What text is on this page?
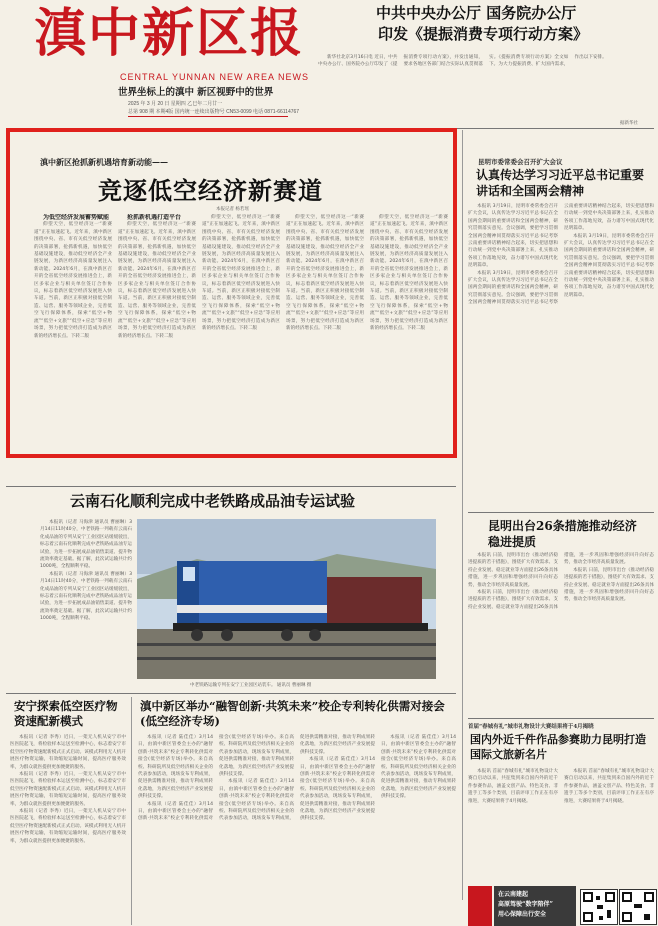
滇中新区报
CENTRAL YUNNAN NEW AREA NEWS
世界坐标上的滇中 新区视野中的世界
2025 年 3 月 20 日 星期四 乙巳年二月廿一
总第 908 期 本期4版 国内统一连续出版物号 CN53-0099 电话 0871-66114767
中共中央办公厅 国务院办公厅
印发《提振消费专项行动方案》

新华社北京3月16日电 近日，中共中央办公厅、国务院办公厅印发了《提振消费专项行动方案》，并发出通知，要求各地区各部门结合实际认真贯彻落实。《提振消费专项行动方案》全文如下。为大力提振消费、扩大国内需求，作出以下安排。

据新华社
滇中新区抢抓新机遇培育新动能——
竞逐低空经济新赛道
本报记者 杨若瑶

为低空经济发展蓄势赋能

仰望天空，低空经济这一“新赛道”正在加速起飞。近年来，滇中新区围绕中央、省、市有关低空经济发展的决策部署，抢抓新机遇，加快低空基础设施建设，推动低空经济全产业链发展，为新区经济高质量发展注入新动能。2024年6月，在滇中新区召开的全省低空经济发展推进会上，新区多家企业与相关单位签订合作协议，标志着新区低空经济发展进入快车道。当前，新区正积极对接低空制造、运营、服务等领域企业，完善低空飞行保障体系，探索“低空+物流”“低空+文旅”“低空+应急”等应用场景，努力把低空经济打造成为新区新的经济增长点。下转二版

抢抓新机遇打造平台

仰望天空，低空经济这一“新赛道”正在加速起飞。近年来，滇中新区围绕中央、省、市有关低空经济发展的决策部署，抢抓新机遇，加快低空基础设施建设，推动低空经济全产业链发展，为新区经济高质量发展注入新动能。2024年6月，在滇中新区召开的全省低空经济发展推进会上，新区多家企业与相关单位签订合作协议，标志着新区低空经济发展进入快车道。当前，新区正积极对接低空制造、运营、服务等领域企业，完善低空飞行保障体系，探索“低空+物流”“低空+文旅”“低空+应急”等应用场景，努力把低空经济打造成为新区新的经济增长点。下转二版

仰望天空，低空经济这一“新赛道”正在加速起飞。近年来，滇中新区围绕中央、省、市有关低空经济发展的决策部署，抢抓新机遇，加快低空基础设施建设，推动低空经济全产业链发展，为新区经济高质量发展注入新动能。2024年6月，在滇中新区召开的全省低空经济发展推进会上，新区多家企业与相关单位签订合作协议，标志着新区低空经济发展进入快车道。当前，新区正积极对接低空制造、运营、服务等领域企业，完善低空飞行保障体系，探索“低空+物流”“低空+文旅”“低空+应急”等应用场景，努力把低空经济打造成为新区新的经济增长点。下转二版

仰望天空，低空经济这一“新赛道”正在加速起飞。近年来，滇中新区围绕中央、省、市有关低空经济发展的决策部署，抢抓新机遇，加快低空基础设施建设，推动低空经济全产业链发展，为新区经济高质量发展注入新动能。2024年6月，在滇中新区召开的全省低空经济发展推进会上，新区多家企业与相关单位签订合作协议，标志着新区低空经济发展进入快车道。当前，新区正积极对接低空制造、运营、服务等领域企业，完善低空飞行保障体系，探索“低空+物流”“低空+文旅”“低空+应急”等应用场景，努力把低空经济打造成为新区新的经济增长点。下转二版

仰望天空，低空经济这一“新赛道”正在加速起飞。近年来，滇中新区围绕中央、省、市有关低空经济发展的决策部署，抢抓新机遇，加快低空基础设施建设，推动低空经济全产业链发展，为新区经济高质量发展注入新动能。2024年6月，在滇中新区召开的全省低空经济发展推进会上，新区多家企业与相关单位签订合作协议，标志着新区低空经济发展进入快车道。当前，新区正积极对接低空制造、运营、服务等领域企业，完善低空飞行保障体系，探索“低空+物流”“低空+文旅”“低空+应急”等应用场景，努力把低空经济打造成为新区新的经济增长点。下转二版

昆明市委常委会召开扩大会议
认真传达学习习近平总书记重要讲话和全国两会精神

本报讯 3月19日，昆明市委常委会召开扩大会议，认真传达学习习近平总书记在全国两会期间的重要讲话和全国两会精神，研究贯彻落实意见。会议强调，要把学习贯彻全国两会精神同贯彻落实习近平总书记考察云南重要讲话精神结合起来，切实把思想和行动统一到党中央决策部署上来，扎实推动各项工作落地见效，奋力谱写中国式现代化昆明篇章。

本报讯 3月19日，昆明市委常委会召开扩大会议，认真传达学习习近平总书记在全国两会期间的重要讲话和全国两会精神，研究贯彻落实意见。会议强调，要把学习贯彻全国两会精神同贯彻落实习近平总书记考察云南重要讲话精神结合起来，切实把思想和行动统一到党中央决策部署上来，扎实推动各项工作落地见效，奋力谱写中国式现代化昆明篇章。

本报讯 3月19日，昆明市委常委会召开扩大会议，认真传达学习习近平总书记在全国两会期间的重要讲话和全国两会精神，研究贯彻落实意见。会议强调，要把学习贯彻全国两会精神同贯彻落实习近平总书记考察云南重要讲话精神结合起来，切实把思想和行动统一到党中央决策部署上来，扎实推动各项工作落地见效，奋力谱写中国式现代化昆明篇章。

云南石化顺利完成中老铁路成品油专运试验

本报讯（记者 马海津 通讯员 曹丽琳）3月14日11时40分，中老铁路一列载有云南石化成品油的专列从安宁工业园区站缓缓驶出，标志着云南石化顺利完成中老铁路成品油专运试验，为进一步拓展成品油销售渠道、提升物流效率奠定基础。据了解，此次试运输共计约1000吨，全程顺利平稳。

本报讯（记者 马海津 通讯员 曹丽琳）3月14日11时40分，中老铁路一列载有云南石化成品油的专列从安宁工业园区站缓缓驶出，标志着云南石化顺利完成中老铁路成品油专运试验，为进一步拓展成品油销售渠道、提升物流效率奠定基础。据了解，此次试运输共计约1000吨，全程顺利平稳。

中老铁路运输专列在安宁工业园区站装车。 通讯员 曹丽琳 摄
昆明出台26条措施推动经济稳进提质

本报讯 日前，昆明市出台《推动经济稳进提质的若干措施》，围绕扩大有效需求、支持企业发展、稳定就业等方面提出26条具体措施，进一步巩固和增强经济回升向好态势，推动全市经济高质量发展。

本报讯 日前，昆明市出台《推动经济稳进提质的若干措施》，围绕扩大有效需求、支持企业发展、稳定就业等方面提出26条具体措施，进一步巩固和增强经济回升向好态势，推动全市经济高质量发展。

本报讯 日前，昆明市出台《推动经济稳进提质的若干措施》，围绕扩大有效需求、支持企业发展、稳定就业等方面提出26条具体措施，进一步巩固和增强经济回升向好态势，推动全市经济高质量发展。

首届“春城有礼”城市礼物设计大赛结果将于4月揭晓
国内外近千件作品参赛助力昆明打造国际文旅新名片

本报讯 首届“春城有礼”城市礼物设计大赛自启动以来，共征集到来自国内外的近千件参赛作品，涵盖文创产品、特色美食、非遗手工等多个类别，目前评审工作正在有序推进，大赛结果将于4月揭晓。

本报讯 首届“春城有礼”城市礼物设计大赛自启动以来，共征集到来自国内外的近千件参赛作品，涵盖文创产品、特色美食、非遗手工等多个类别，目前评审工作正在有序推进，大赛结果将于4月揭晓。

在云南建起
高原驾驶“数字陪伴”
用心保障出行安全
安宁探索低空医疗物资速配新模式

本报讯（记者 李秀）近日，一架无人机从安宁市中医医院起飞，将检验样本运送至检测中心，标志着安宁市低空医疗物资速配新模式正式启动。该模式利用无人机开展医疗物资运输，有效缩短运输时间，提高医疗服务效率，为群众就医提供更加便捷的服务。

本报讯（记者 李秀）近日，一架无人机从安宁市中医医院起飞，将检验样本运送至检测中心，标志着安宁市低空医疗物资速配新模式正式启动。该模式利用无人机开展医疗物资运输，有效缩短运输时间，提高医疗服务效率，为群众就医提供更加便捷的服务。

本报讯（记者 李秀）近日，一架无人机从安宁市中医医院起飞，将检验样本运送至检测中心，标志着安宁市低空医疗物资速配新模式正式启动。该模式利用无人机开展医疗物资运输，有效缩短运输时间，提高医疗服务效率，为群众就医提供更加便捷的服务。

滇中新区举办“融智创新·共筑未来”校企专利转化供需对接会(低空经济专场)

本报讯（记者 陆佳佳）3月14日，由滇中新区管委会主办的“融智创新·共筑未来”校企专利转化供需对接会(低空经济专场)举办。来自高校、科研院所及低空经济相关企业的代表参加活动，现场发布专利成果，促进供需精准对接，推动专利成果转化落地，为新区低空经济产业发展提供科技支撑。

本报讯（记者 陆佳佳）3月14日，由滇中新区管委会主办的“融智创新·共筑未来”校企专利转化供需对接会(低空经济专场)举办。来自高校、科研院所及低空经济相关企业的代表参加活动，现场发布专利成果，促进供需精准对接，推动专利成果转化落地，为新区低空经济产业发展提供科技支撑。

本报讯（记者 陆佳佳）3月14日，由滇中新区管委会主办的“融智创新·共筑未来”校企专利转化供需对接会(低空经济专场)举办。来自高校、科研院所及低空经济相关企业的代表参加活动，现场发布专利成果，促进供需精准对接，推动专利成果转化落地，为新区低空经济产业发展提供科技支撑。

本报讯（记者 陆佳佳）3月14日，由滇中新区管委会主办的“融智创新·共筑未来”校企专利转化供需对接会(低空经济专场)举办。来自高校、科研院所及低空经济相关企业的代表参加活动，现场发布专利成果，促进供需精准对接，推动专利成果转化落地，为新区低空经济产业发展提供科技支撑。

本报讯（记者 陆佳佳）3月14日，由滇中新区管委会主办的“融智创新·共筑未来”校企专利转化供需对接会(低空经济专场)举办。来自高校、科研院所及低空经济相关企业的代表参加活动，现场发布专利成果，促进供需精准对接，推动专利成果转化落地，为新区低空经济产业发展提供科技支撑。
